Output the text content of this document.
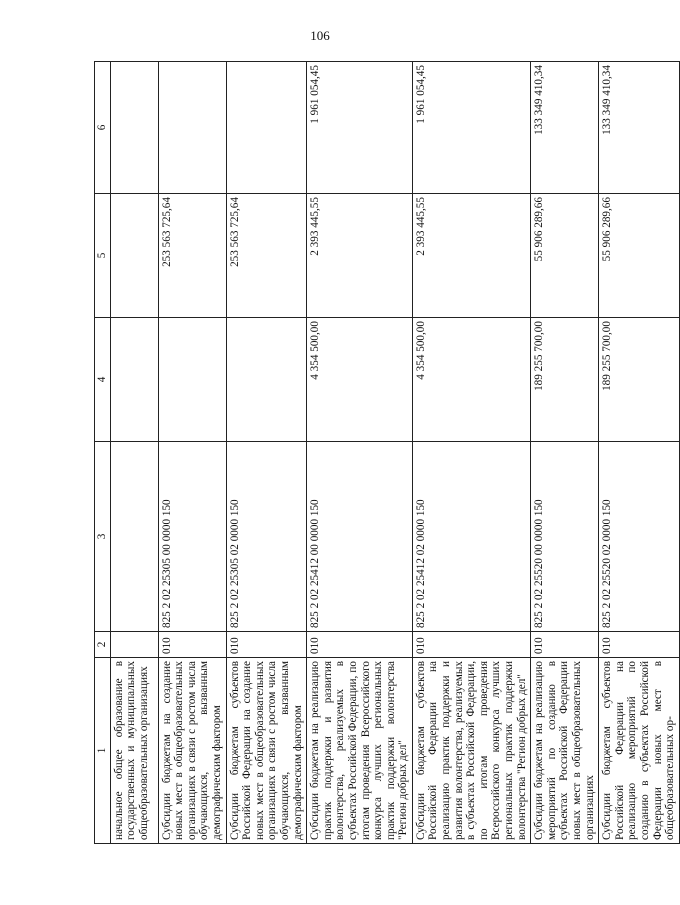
106
1	2	3	4	5	6
начальное общее образование в государственных и муниципальных общеобразовательных организациях					
Субсидии бюджетам на создание новых мест в общеобразовательных организациях в связи с ростом числа обучающихся, вызванным демографическим фактором	010	825 2 02 25305 00 0000 150		253 563 725,64	
Субсидии бюджетам субъектов Российской Федерации на создание новых мест в общеобразовательных организациях в связи с ростом числа обучающихся, вызванным демографическим фактором	010	825 2 02 25305 02 0000 150		253 563 725,64	
Субсидии бюджетам на реализацию практик поддержки и развития волонтерства, реализуемых в субъектах Российской Федерации, по итогам проведения Всероссийского конкурса лучших региональных практик поддержки волонтерства "Регион добрых дел"	010	825 2 02 25412 00 0000 150	4 354 500,00	2 393 445,55	1 961 054,45
Субсидии бюджетам субъектов Российской Федерации на реализацию практик поддержки и развития волонтерства, реализуемых в субъектах Российской Федерации, по итогам проведения Всероссийского конкурса лучших региональных практик поддержки волонтерства "Регион добрых дел"	010	825 2 02 25412 02 0000 150	4 354 500,00	2 393 445,55	1 961 054,45
Субсидии бюджетам на реализацию мероприятий по созданию в субъектах Российской Федерации новых мест в общеобразовательных организациях	010	825 2 02 25520 00 0000 150	189 255 700,00	55 906 289,66	133 349 410,34
Субсидии бюджетам субъектов Российской Федерации на реализацию мероприятий по созданию в субъектах Российской Федерации новых мест в общеобразовательных ор-	010	825 2 02 25520 02 0000 150	189 255 700,00	55 906 289,66	133 349 410,34
